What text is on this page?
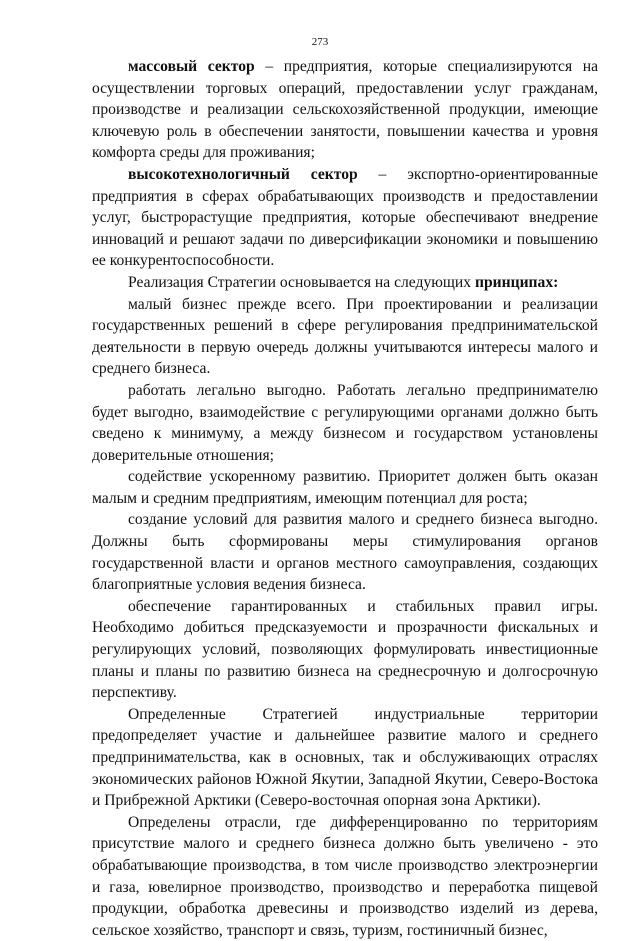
273

массовый сектор – предприятия, которые специализируются на осуществлении торговых операций, предоставлении услуг гражданам, производстве и реализации сельскохозяйственной продукции, имеющие ключевую роль в обеспечении занятости, повышении качества и уровня комфорта среды для проживания;

высокотехнологичный сектор – экспортно-ориентированные предприятия в сферах обрабатывающих производств и предоставлении услуг, быстрорастущие предприятия, которые обеспечивают внедрение инноваций и решают задачи по диверсификации экономики и повышению ее конкурентоспособности.

Реализация Стратегии основывается на следующих принципах:

малый бизнес прежде всего. При проектировании и реализации государственных решений в сфере регулирования предпринимательской деятельности в первую очередь должны учитываются интересы малого и среднего бизнеса.

работать легально выгодно. Работать легально предпринимателю будет выгодно, взаимодействие с регулирующими органами должно быть сведено к минимуму, а между бизнесом и государством установлены доверительные отношения;

содействие ускоренному развитию. Приоритет должен быть оказан малым и средним предприятиям, имеющим потенциал для роста;

создание условий для развития малого и среднего бизнеса выгодно. Должны быть сформированы меры стимулирования органов государственной власти и органов местного самоуправления, создающих благоприятные условия ведения бизнеса.

обеспечение гарантированных и стабильных правил игры. Необходимо добиться предсказуемости и прозрачности фискальных и регулирующих условий, позволяющих формулировать инвестиционные планы и планы по развитию бизнеса на среднесрочную и долгосрочную перспективу.

Определенные Стратегией индустриальные территории предопределяет участие и дальнейшее развитие малого и среднего предпринимательства, как в основных, так и обслуживающих отраслях экономических районов Южной Якутии, Западной Якутии, Северо-Востока и Прибрежной Арктики (Северо-восточная опорная зона Арктики).

Определены отрасли, где дифференцированно по территориям присутствие малого и среднего бизнеса должно быть увеличено - это обрабатывающие производства, в том числе производство электроэнергии и газа, ювелирное производство, производство и переработка пищевой продукции, обработка древесины и производство изделий из дерева, сельское хозяйство, транспорт и связь, туризм, гостиничный бизнес,
